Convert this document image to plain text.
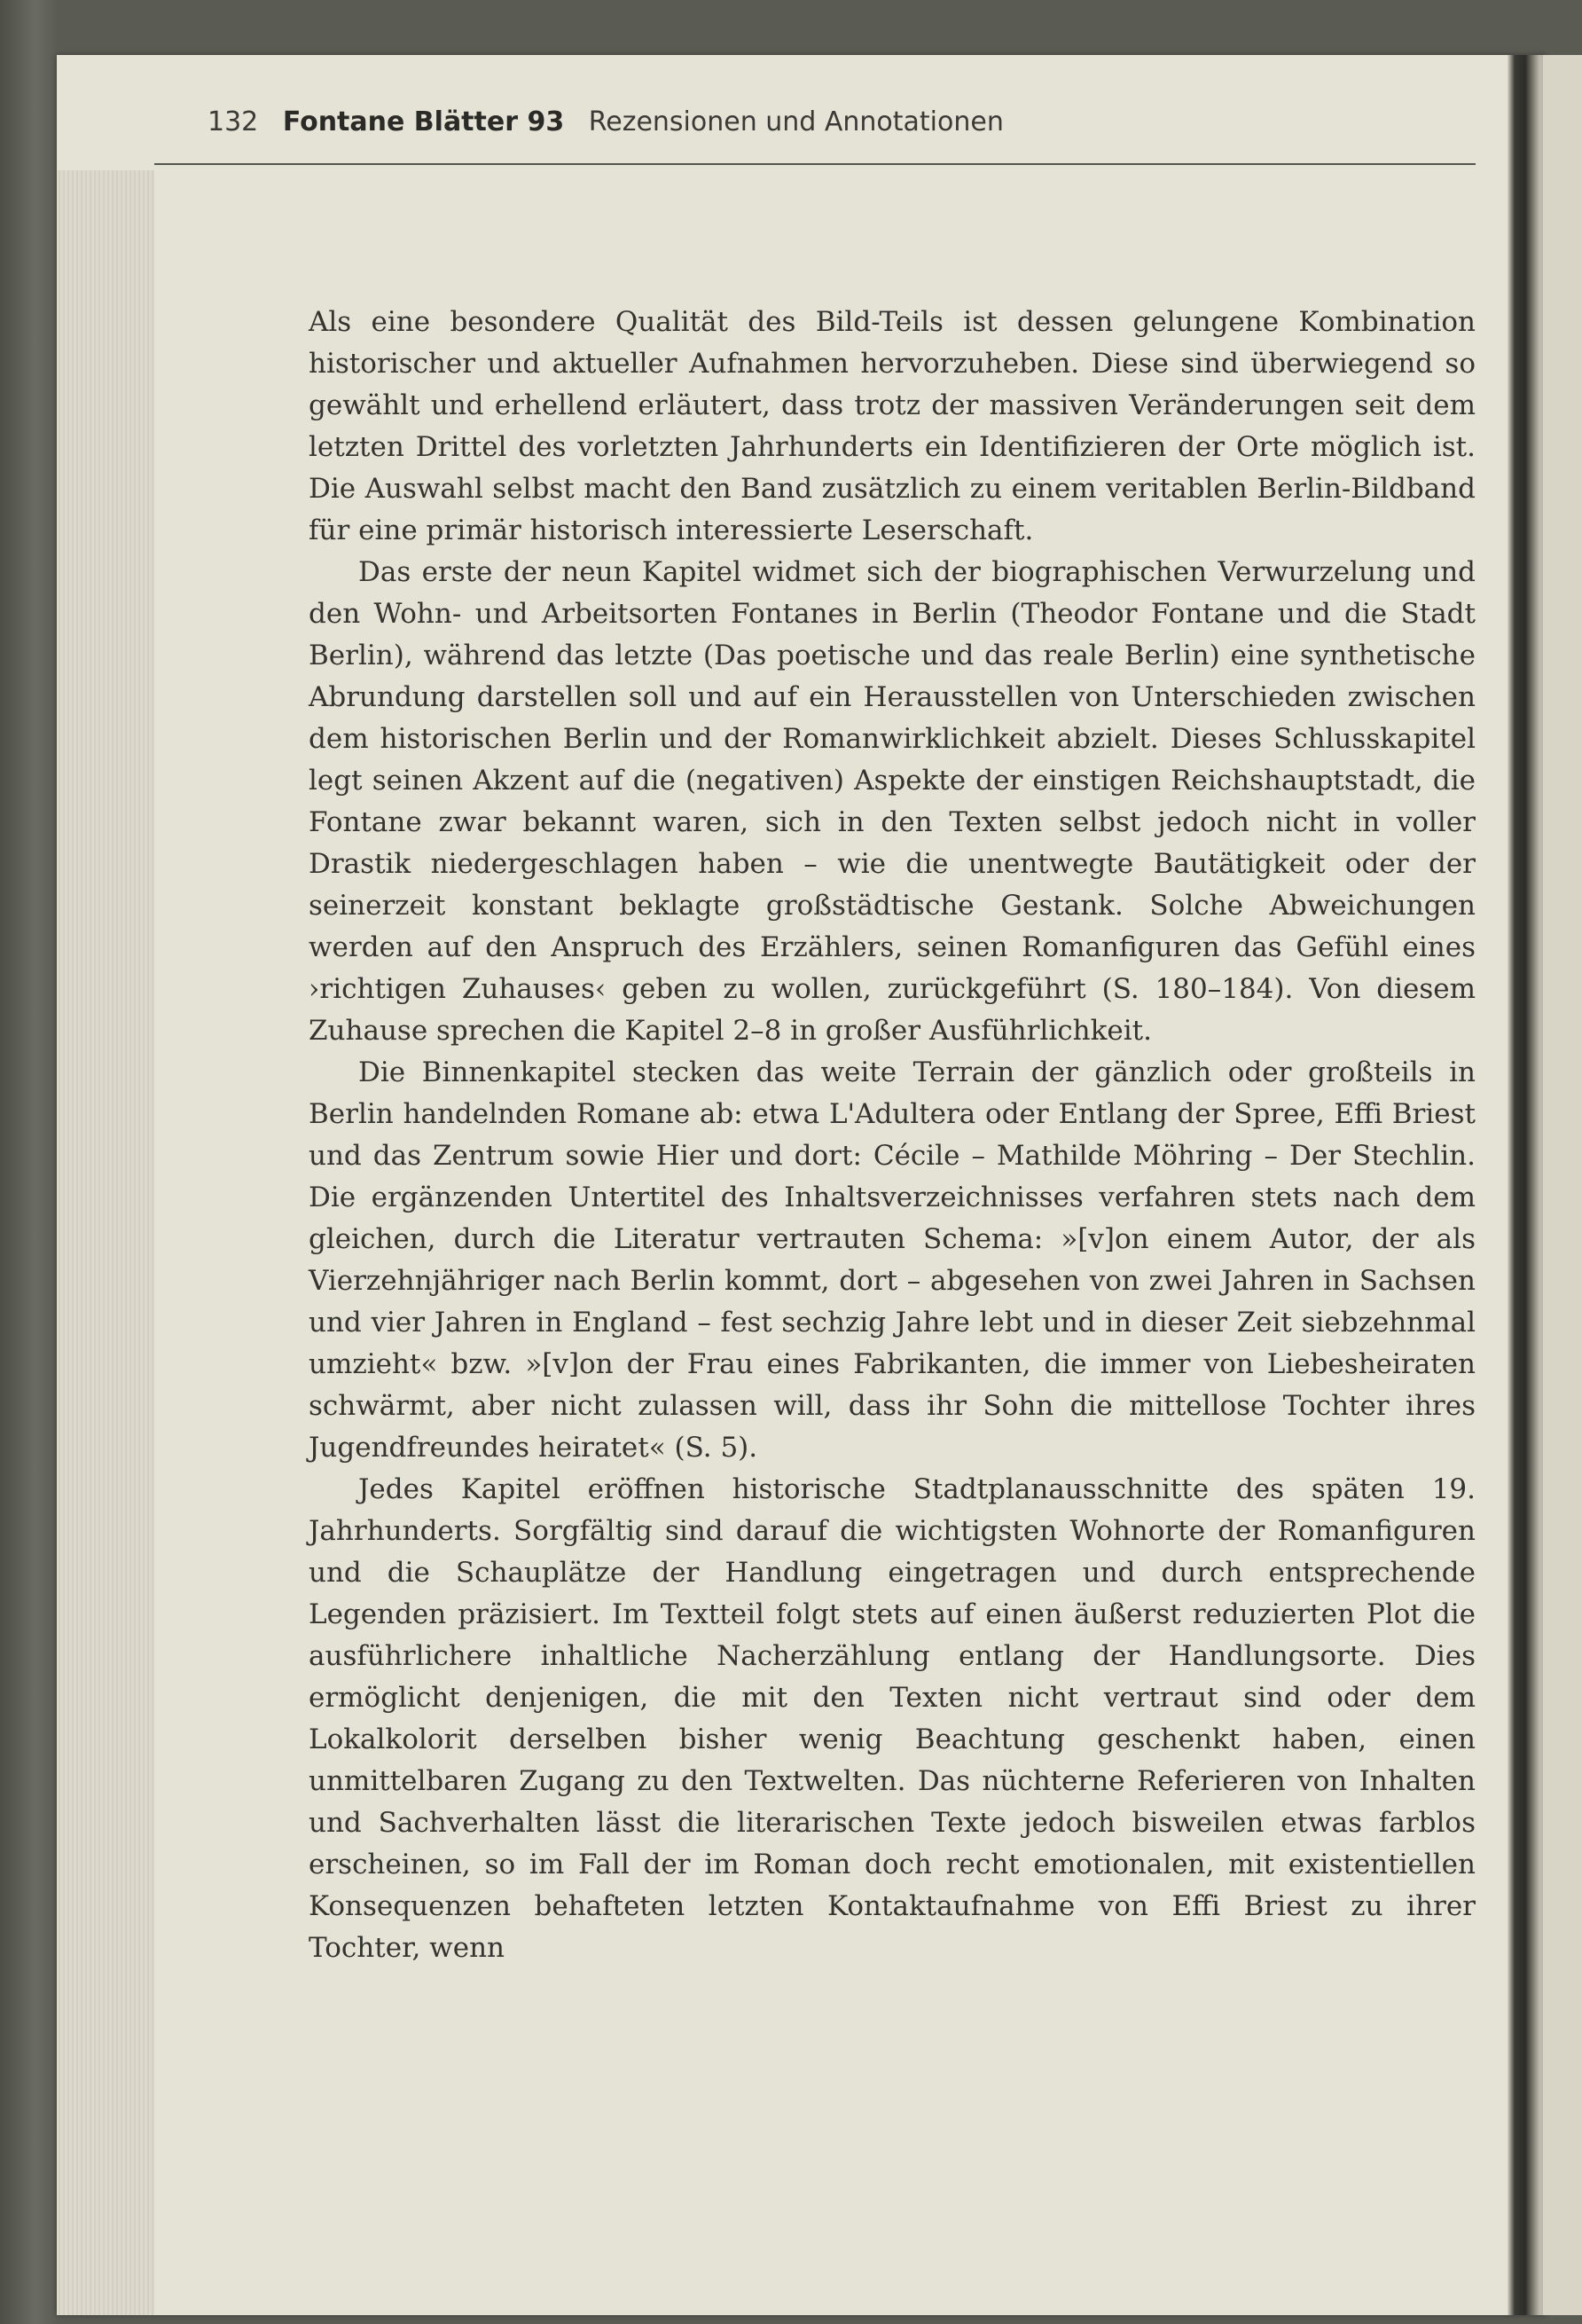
132 Fontane Blätter 93 Rezensionen und Annotationen

Als eine besondere Qualität des Bild-Teils ist dessen gelungene Kombination historischer und aktueller Aufnahmen hervorzuheben. Diese sind überwiegend so gewählt und erhellend erläutert, dass trotz der massiven Veränderungen seit dem letzten Drittel des vorletzten Jahrhunderts ein Identifizieren der Orte möglich ist. Die Auswahl selbst macht den Band zusätzlich zu einem veritablen Berlin-Bildband für eine primär historisch interessierte Leserschaft.

Das erste der neun Kapitel widmet sich der biographischen Verwurzelung und den Wohn- und Arbeitsorten Fontanes in Berlin (Theodor Fontane und die Stadt Berlin), während das letzte (Das poetische und das reale Berlin) eine synthetische Abrundung darstellen soll und auf ein Herausstellen von Unterschieden zwischen dem historischen Berlin und der Romanwirklichkeit abzielt. Dieses Schlusskapitel legt seinen Akzent auf die (negativen) Aspekte der einstigen Reichshauptstadt, die Fontane zwar bekannt waren, sich in den Texten selbst jedoch nicht in voller Drastik niedergeschlagen haben – wie die unentwegte Bautätigkeit oder der seinerzeit konstant beklagte großstädtische Gestank. Solche Abweichungen werden auf den Anspruch des Erzählers, seinen Romanfiguren das Gefühl eines ›richtigen Zuhauses‹ geben zu wollen, zurückgeführt (S. 180–184). Von diesem Zuhause sprechen die Kapitel 2–8 in großer Ausführlichkeit.

Die Binnenkapitel stecken das weite Terrain der gänzlich oder großteils in Berlin handelnden Romane ab: etwa L'Adultera oder Entlang der Spree, Effi Briest und das Zentrum sowie Hier und dort: Cécile – Mathilde Möhring – Der Stechlin. Die ergänzenden Untertitel des Inhaltsverzeichnisses verfahren stets nach dem gleichen, durch die Literatur vertrauten Schema: »[v]on einem Autor, der als Vierzehnjähriger nach Berlin kommt, dort – abgesehen von zwei Jahren in Sachsen und vier Jahren in England – fest sechzig Jahre lebt und in dieser Zeit siebzehnmal umzieht« bzw. »[v]on der Frau eines Fabrikanten, die immer von Liebesheiraten schwärmt, aber nicht zulassen will, dass ihr Sohn die mittellose Tochter ihres Jugendfreundes heiratet« (S. 5).

Jedes Kapitel eröffnen historische Stadtplanausschnitte des späten 19. Jahrhunderts. Sorgfältig sind darauf die wichtigsten Wohnorte der Romanfiguren und die Schauplätze der Handlung eingetragen und durch entsprechende Legenden präzisiert. Im Textteil folgt stets auf einen äußerst reduzierten Plot die ausführlichere inhaltliche Nacherzählung entlang der Handlungsorte. Dies ermöglicht denjenigen, die mit den Texten nicht vertraut sind oder dem Lokalkolorit derselben bisher wenig Beachtung geschenkt haben, einen unmittelbaren Zugang zu den Textwelten. Das nüchterne Referieren von Inhalten und Sachverhalten lässt die literarischen Texte jedoch bisweilen etwas farblos erscheinen, so im Fall der im Roman doch recht emotionalen, mit existentiellen Konsequenzen behafteten letzten Kontaktaufnahme von Effi Briest zu ihrer Tochter, wenn
